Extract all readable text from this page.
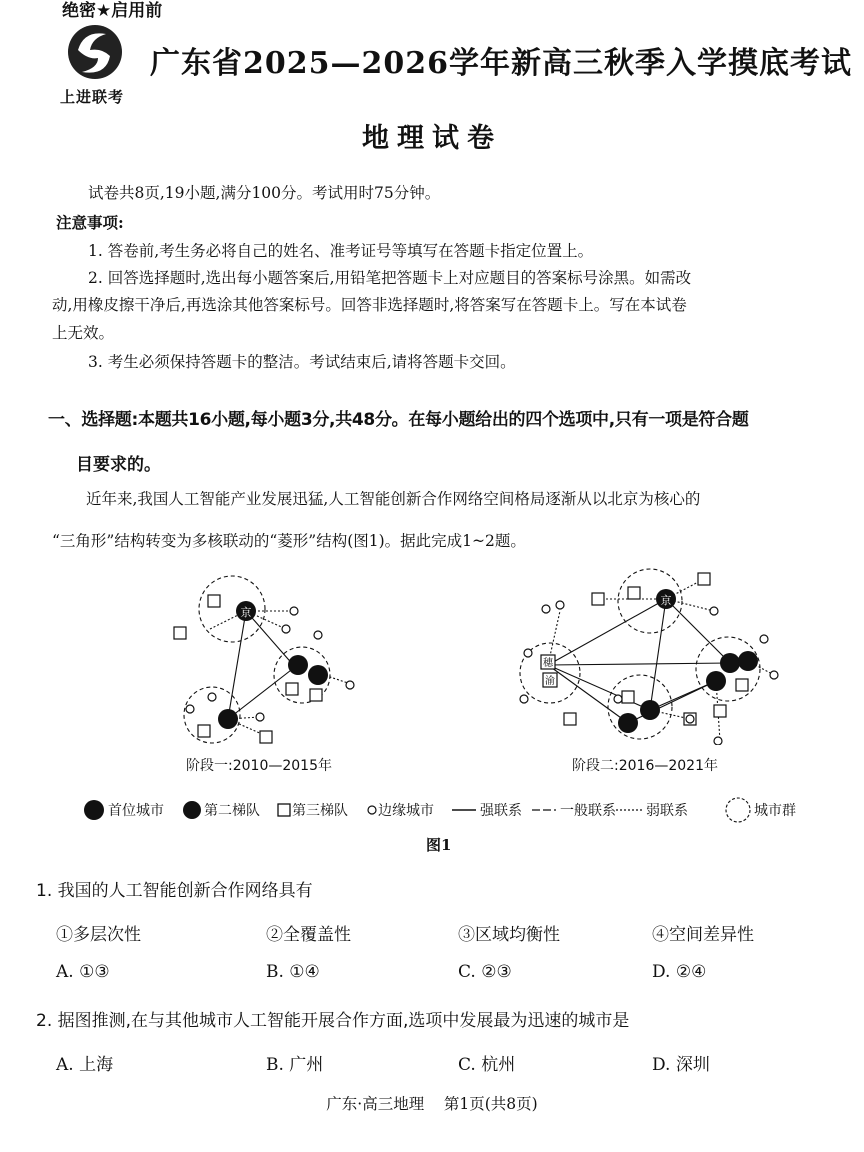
绝密★启用前
上进联考
广东省2025—2026学年新高三秋季入学摸底考试
地理试卷
试卷共8页,19小题,满分100分。考试用时75分钟。
注意事项:
1. 答卷前,考生务必将自己的姓名、准考证号等填写在答题卡指定位置上。
2. 回答选择题时,选出每小题答案后,用铅笔把答题卡上对应题目的答案标号涂黑。如需改
动,用橡皮擦干净后,再选涂其他答案标号。回答非选择题时,将答案写在答题卡上。写在本试卷
上无效。
3. 考生必须保持答题卡的整洁。考试结束后,请将答题卡交回。
一、选择题:本题共16小题,每小题3分,共48分。在每小题给出的四个选项中,只有一项是符合题
目要求的。
近年来,我国人工智能产业发展迅猛,人工智能创新合作网络空间格局逐渐从以北京为核心的
“三角形”结构转变为多核联动的“菱形”结构(图1)。据此完成1~2题。
京
京
穗
渝
阶段一:2010—2015年	阶段二:2016—2021年
首位城市	第二梯队 第三梯队 边缘城市	强联系	一般联系 弱联系	城市群
图1
1. 我国的人工智能创新合作网络具有
①多层次性	②全覆盖性	③区域均衡性	④空间差异性
A. ①③	B. ①④	C. ②③	D. ②④
2. 据图推测,在与其他城市人工智能开展合作方面,选项中发展最为迅速的城市是
A. 上海	B. 广州	C. 杭州	D. 深圳
广东·高三地理    第1页(共8页)
